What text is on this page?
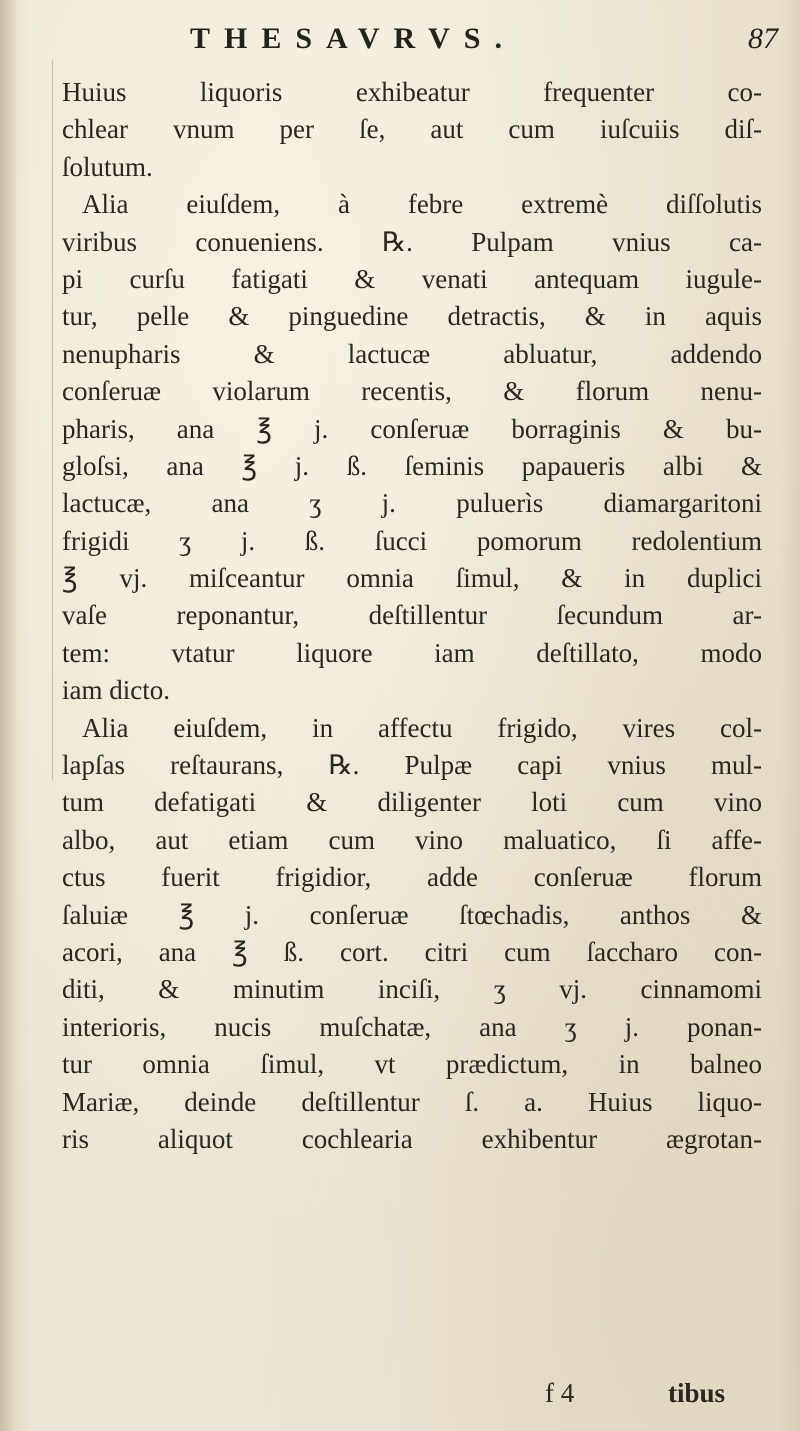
THESAVRVS.	87
Huius liquoris exhibeatur frequenter co-
chlear vnum per ſe, aut cum iuſcuiis diſ-
ſolutum.
Alia eiuſdem, à febre extremè diſſolutis
viribus conueniens. ℞. Pulpam vnius ca-
pi curſu fatigati & venati antequam iugule-
tur, pelle & pinguedine detractis, & in aquis
nenupharis & lactucæ abluatur, addendo
conſeruæ violarum recentis, & florum nenu-
pharis, ana ℥ j. conſeruæ borraginis & bu-
gloſsi, ana ℥ j. ß. ſeminis papaueris albi &
lactucæ, ana ʒ j. puluerìs diamargaritoni
frigidi ʒ j. ß. ſucci pomorum redolentium
℥ vj. miſceantur omnia ſimul, & in duplici
vaſe reponantur, deſtillentur ſecundum ar-
tem: vtatur liquore iam deſtillato, modo
iam dicto.
Alia eiuſdem, in affectu frigido, vires col-
lapſas reſtaurans, ℞. Pulpæ capi vnius mul-
tum defatigati & diligenter loti cum vino
albo, aut etiam cum vino maluatico, ſi affe-
ctus fuerit frigidior, adde conſeruæ florum
ſaluiæ ℥ j. conſeruæ ſtœchadis, anthos &
acori, ana ℥ ß. cort. citri cum ſaccharo con-
diti, & minutim inciſi, ʒ vj. cinnamomi
interioris, nucis muſchatæ, ana ʒ j. ponan-
tur omnia ſimul, vt prædictum, in balneo
Mariæ, deinde deſtillentur ſ. a. Huius liquo-
ris aliquot cochlearia exhibentur ægrotan-
f 4	tibus
